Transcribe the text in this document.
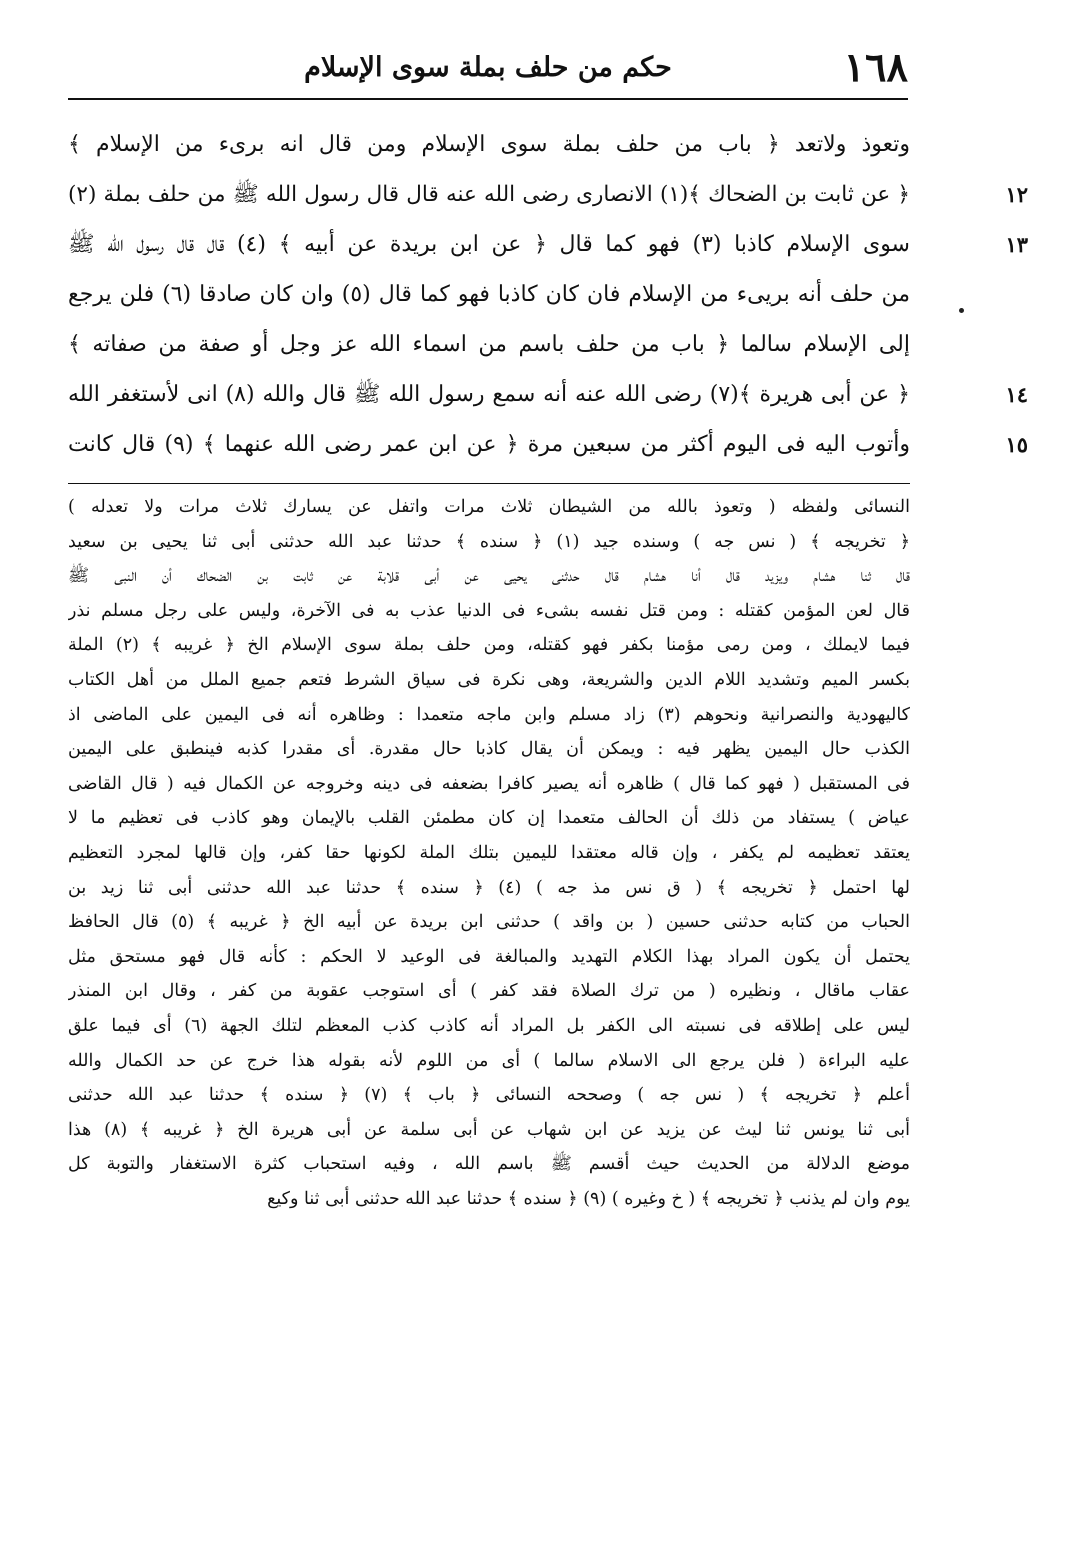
١٦٨
حكم من حلف بملة سوى الإسلام
وتعوذ ولاتعد ﴿ باب من حلف بملة سوى الإسلام ومن قال انه برىء من الإسلام ﴾
١٢
﴿ عن ثابت بن الضحاك ﴾(١) الانصارى رضى الله عنه قال قال رسول الله ﷺ من حلف بملة (٢)
١٣
سوى الإسلام كاذبا (٣) فهو كما قال ﴿ عن ابن بريدة عن أبيه ﴾ (٤) قال قال رسول الله ﷺ
من حلف أنه بريىء من الإسلام فان كان كاذبا فهو كما قال (٥) وان كان صادقا (٦) فلن يرجع
إلى الإسلام سالما ﴿ باب من حلف باسم من اسماء الله عز وجل أو صفة من صفاته ﴾
١٤
﴿ عن أبى هريرة ﴾(٧) رضى الله عنه أنه سمع رسول الله ﷺ قال والله (٨) انى لأستغفر الله
١٥
وأتوب اليه فى اليوم أكثر من سبعين مرة ﴿ عن ابن عمر رضى الله عنهما ﴾ (٩) قال كانت
النسائى ولفظه ( وتعوذ بالله من الشيطان ثلاث مرات واتفل عن يسارك ثلاث مرات ولا تعدله )
﴿ تخريجه ﴾ ( نس جه ) وسنده جيد (١) ﴿ سنده ﴾ حدثنا عبد الله حدثنى أبى ثنا يحيى بن سعيد
قال ثنا هشام ويزيد قال أنا هشام قال حدثنى يحيى عن أبى قلابة عن ثابت بن الضحاك أن النبى ﷺ
قال لعن المؤمن كقتله : ومن قتل نفسه بشىء فى الدنيا عذب به فى الآخرة، وليس على رجل مسلم نذر
فيما لايملك ، ومن رمى مؤمنا بكفر فهو كقتله، ومن حلف بملة سوى الإسلام الخ ﴿ غريبه ﴾ (٢) الملة
بكسر الميم وتشديد اللام الدين والشريعة، وهى نكرة فى سياق الشرط فتعم جميع الملل من أهل الكتاب
كاليهودية والنصرانية ونحوهم (٣) زاد مسلم وابن ماجه متعمدا : وظاهره أنه فى اليمين على الماضى اذ
الكذب حال اليمين يظهر فيه : ويمكن أن يقال كاذبا حال مقدرة. أى مقدرا كذبه فينطبق على اليمين
فى المستقبل ( فهو كما قال ) ظاهره أنه يصير كافرا بضعفه فى دينه وخروجه عن الكمال فيه ( قال القاضى
عياض ) يستفاد من ذلك أن الحالف متعمدا إن كان مطمئن القلب بالإيمان وهو كاذب فى تعظيم ما لا
يعتقد تعظيمه لم يكفر ، وإن قاله معتقدا لليمين بتلك الملة لكونها حقا كفر، وإن قالها لمجرد التعظيم
لها احتمل ﴿ تخريجه ﴾ ( ق نس مذ جه ) (٤) ﴿ سنده ﴾ حدثنا عبد الله حدثنى أبى ثنا زيد بن
الحباب من كتابه حدثنى حسين ( بن واقد ) حدثنى ابن بريدة عن أبيه الخ ﴿ غريبه ﴾ (٥) قال الحافظ
يحتمل أن يكون المراد بهذا الكلام التهديد والمبالغة فى الوعيد لا الحكم : كأنه قال فهو مستحق مثل
عقاب ماقال ، ونظيره ( من ترك الصلاة فقد كفر ) أى استوجب عقوبة من كفر ، وقال ابن المنذر
ليس على إطلاقه فى نسبته الى الكفر بل المراد أنه كاذب كذب المعظم لتلك الجهة (٦) أى فيما علق
عليه البراءة ( فلن يرجع الى الاسلام سالما ) أى من اللوم لأنه بقوله هذا خرج عن حد الكمال والله
أعلم ﴿ تخريجه ﴾ ( نس جه ) وصححه النسائى ﴿ باب ﴾ (٧) ﴿ سنده ﴾ حدثنا عبد الله حدثنى
أبى ثنا يونس ثنا ليث عن يزيد عن ابن شهاب عن أبى سلمة عن أبى هريرة الخ ﴿ غريبه ﴾ (٨) هذا
موضع الدلالة من الحديث حيث أقسم ﷺ باسم الله ، وفيه استحباب كثرة الاستغفار والتوبة كل
يوم وان لم يذنب ﴿ تخريجه ﴾ ( خ وغيره ) (٩) ﴿ سنده ﴾ حدثنا عبد الله حدثنى أبى ثنا وكيع
